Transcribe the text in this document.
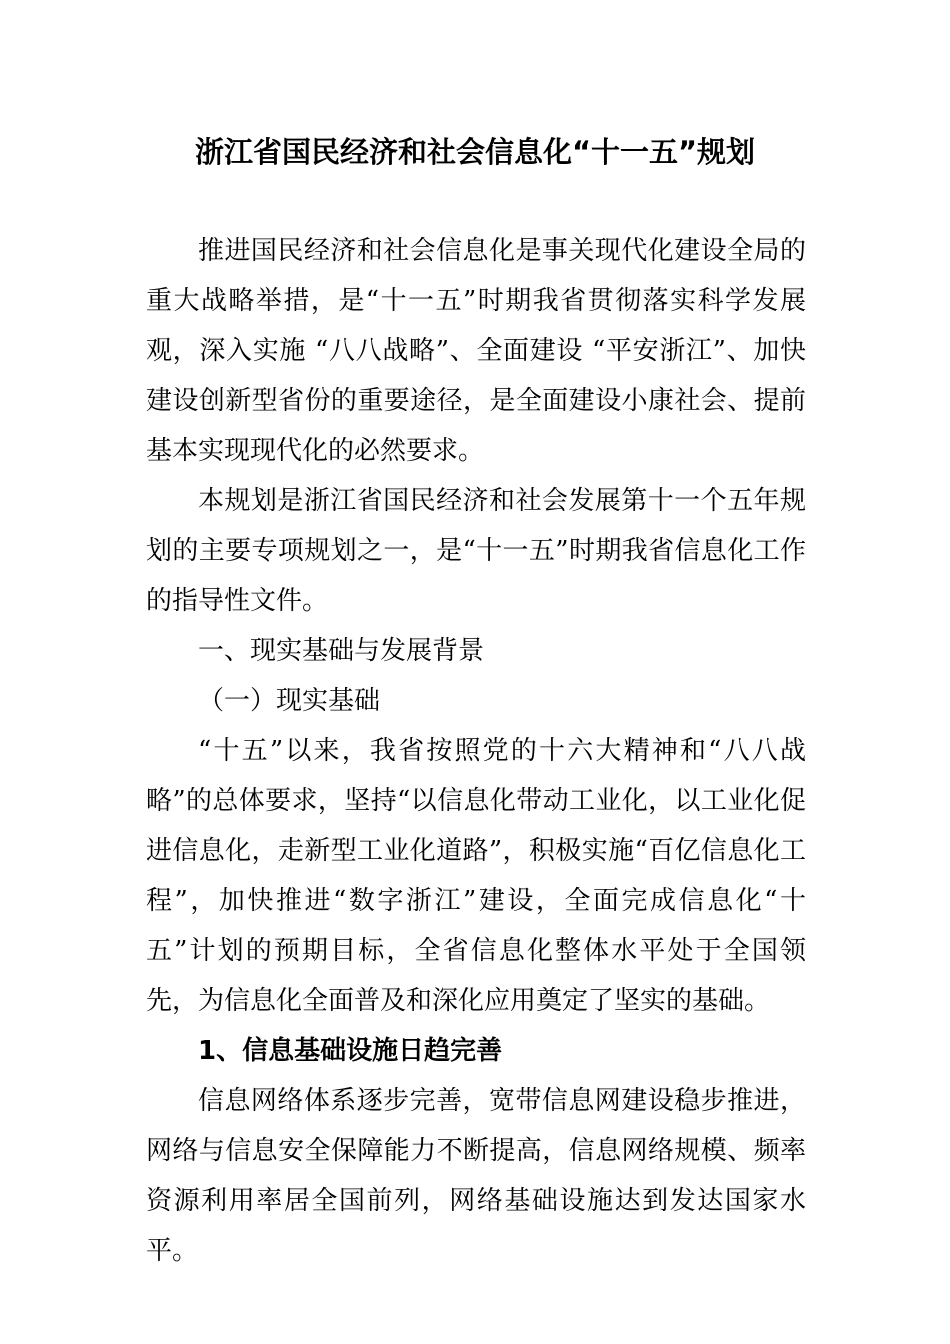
浙江省国民经济和社会信息化“十一五”规划

推进国民经济和社会信息化是事关现代化建设全局的重大战略举措，是“十一五”时期我省贯彻落实科学发展观，深入实施 “八八战略”、全面建设 “平安浙江”、加快建设创新型省份的重要途径，是全面建设小康社会、提前基本实现现代化的必然要求。

本规划是浙江省国民经济和社会发展第十一个五年规划的主要专项规划之一，是“十一五”时期我省信息化工作的指导性文件。

一、现实基础与发展背景

（一）现实基础

“十五”以来，我省按照党的十六大精神和“八八战略”的总体要求，坚持“以信息化带动工业化，以工业化促进信息化，走新型工业化道路”，积极实施“百亿信息化工程”，加快推进“数字浙江”建设，全面完成信息化“十五”计划的预期目标，全省信息化整体水平处于全国领先，为信息化全面普及和深化应用奠定了坚实的基础。

1、信息基础设施日趋完善

信息网络体系逐步完善，宽带信息网建设稳步推进，网络与信息安全保障能力不断提高，信息网络规模、频率资源利用率居全国前列，网络基础设施达到发达国家水平。
